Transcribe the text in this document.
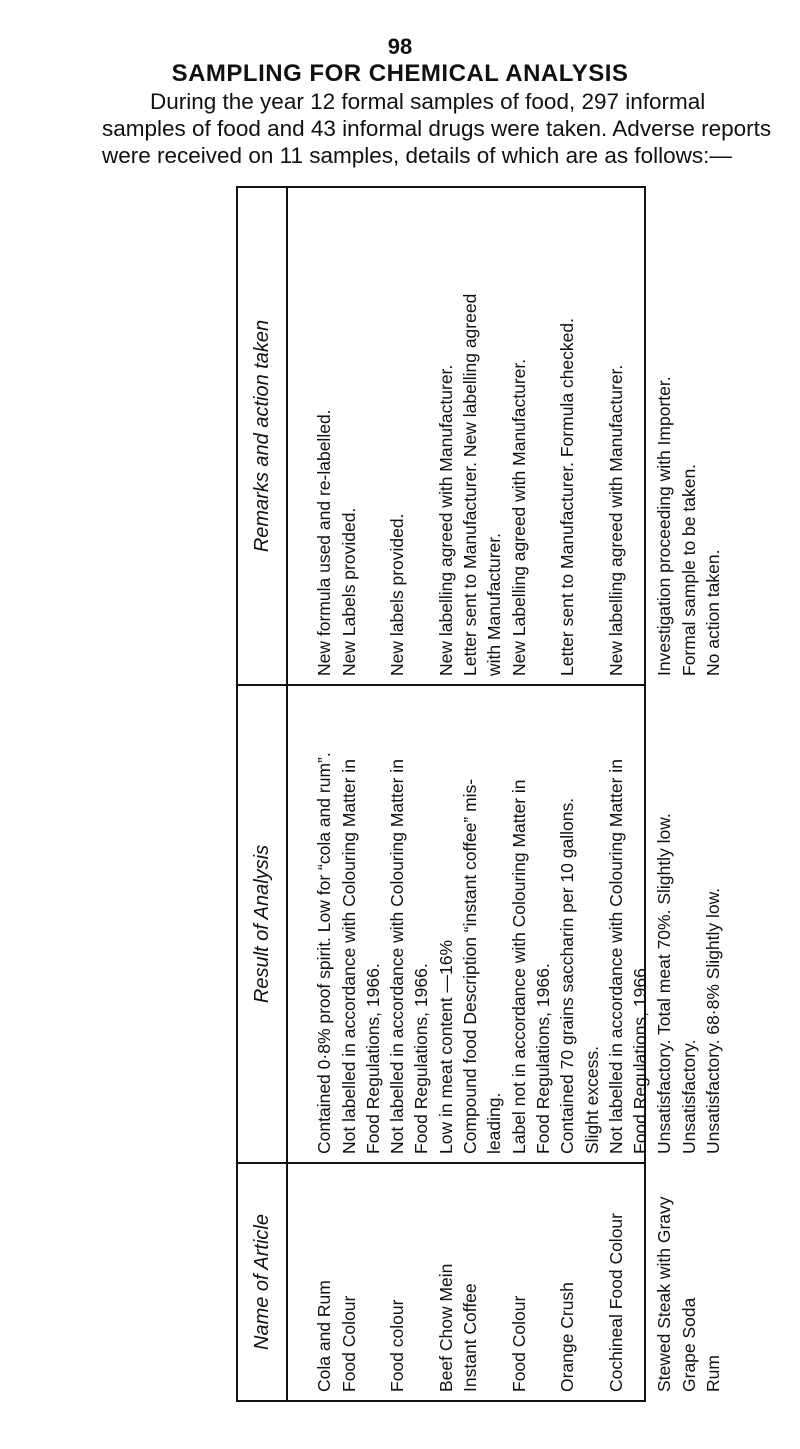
98
SAMPLING FOR CHEMICAL ANALYSIS
During the year 12 formal samples of food, 297 informal samples of food and 43 informal drugs were taken. Adverse reports were received on 11 samples, details of which are as follows:—
Name of Article
Result of Analysis
Remarks and action taken
Cola and Rum Food Colour Food colour Beef Chow Mein Instant Coffee Food Colour Orange Crush Cochineal Food Colour Stewed Steak with Gravy Grape Soda Rum
Contained 0·8% proof spirit. Low for “cola and rum”. Not labelled in accordance with Colouring Matter in Food Regulations, 1966. Not labelled in accordance with Colouring Matter in Food Regulations, 1966. Low in meat content —16% Compound food Description “instant coffee” mis- leading. Label not in accordance with Colouring Matter in Food Regulations, 1966. Contained 70 grains saccharin per 10 gallons. Slight excess. Not labelled in accordance with Colouring Matter in Food Regulations, 1966. Unsatisfactory. Total meat 70%. Slightly low. Unsatisfactory. Unsatisfactory. 68·8% Slightly low.
New formula used and re-labelled. New Labels provided. New labels provided. New labelling agreed with Manufacturer. Letter sent to Manufacturer. New labelling agreed with Manufacturer. New Labelling agreed with Manufacturer. Letter sent to Manufacturer. Formula checked. New labelling agreed with Manufacturer. Investigation proceeding with Importer. Formal sample to be taken. No action taken.
